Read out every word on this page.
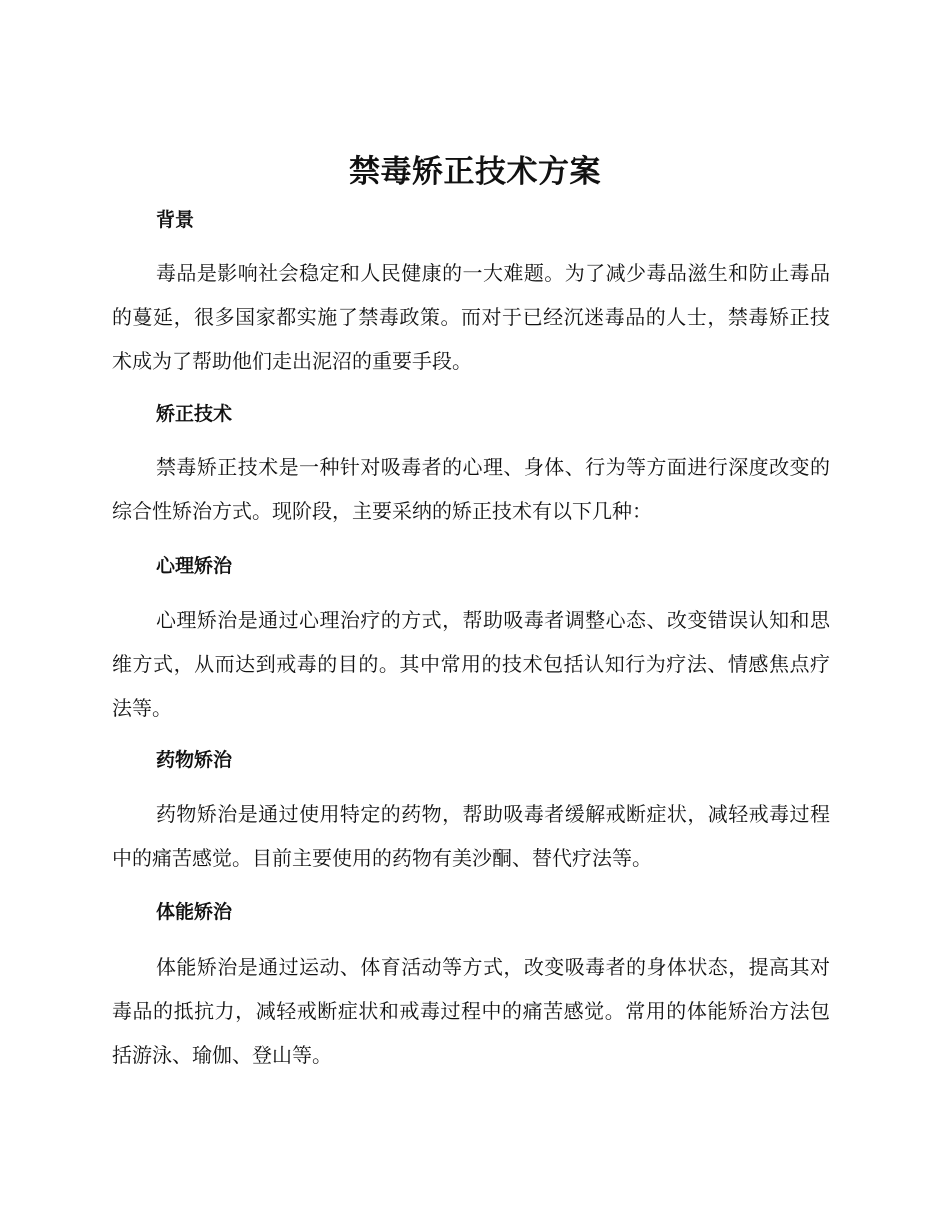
禁毒矫正技术方案
背景

毒品是影响社会稳定和人民健康的一大难题。为了减少毒品滋生和防止毒品的蔓延，很多国家都实施了禁毒政策。而对于已经沉迷毒品的人士，禁毒矫正技术成为了帮助他们走出泥沼的重要手段。

矫正技术

禁毒矫正技术是一种针对吸毒者的心理、身体、行为等方面进行深度改变的综合性矫治方式。现阶段，主要采纳的矫正技术有以下几种：

心理矫治

心理矫治是通过心理治疗的方式，帮助吸毒者调整心态、改变错误认知和思维方式，从而达到戒毒的目的。其中常用的技术包括认知行为疗法、情感焦点疗法等。

药物矫治

药物矫治是通过使用特定的药物，帮助吸毒者缓解戒断症状，减轻戒毒过程中的痛苦感觉。目前主要使用的药物有美沙酮、替代疗法等。

体能矫治

体能矫治是通过运动、体育活动等方式，改变吸毒者的身体状态，提高其对毒品的抵抗力，减轻戒断症状和戒毒过程中的痛苦感觉。常用的体能矫治方法包括游泳、瑜伽、登山等。
